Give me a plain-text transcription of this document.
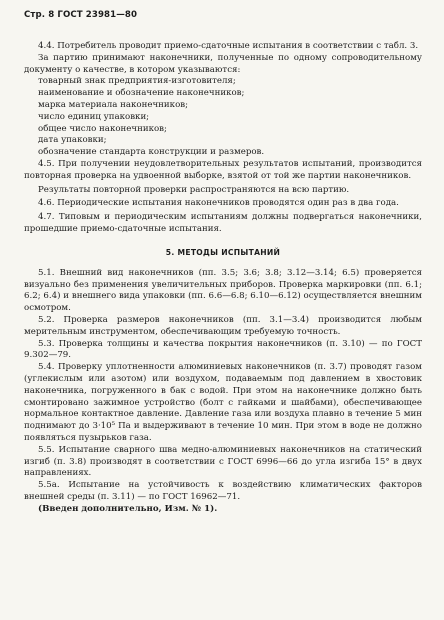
Стр. 8 ГОСТ 23981—80

4.4. Потребитель проводит приемо-сдаточные испытания в соответствии с табл. 3.

За партию принимают наконечники, полученные по одному сопроводительному документу о качестве, в котором указываются:

товарный знак предприятия-изготовителя;

наименование и обозначение наконечников;

марка материала наконечников;

число единиц упаковки;

общее число наконечников;

дата упаковки;

обозначение стандарта конструкции и размеров.

4.5. При получении неудовлетворительных результатов испытаний, производится повторная проверка на удвоенной выборке, взятой от той же партии наконечников.

Результаты повторной проверки распространяются на всю партию.

4.6. Периодические испытания наконечников проводятся один раз в два года.

4.7. Типовым и периодическим испытаниям должны подвергаться наконечники, прошедшие приемо-сдаточные испытания.

5. МЕТОДЫ ИСПЫТАНИЙ

5.1. Внешний вид наконечников (пп. 3.5; 3.6; 3.8; 3.12—3.14; 6.5) проверяется визуально без применения увеличительных приборов. Проверка маркировки (пп. 6.1; 6.2; 6.4) и внешнего вида упаковки (пп. 6.6—6.8; 6.10—6.12) осуществляется внешним осмотром.

5.2. Проверка размеров наконечников (пп. 3.1—3.4) производится любым мерительным инструментом, обеспечивающим требуемую точность.

5.3. Проверка толщины и качества покрытия наконечников (п. 3.10) — по ГОСТ 9.302—79.

5.4. Проверку уплотненности алюминиевых наконечников (п. 3.7) проводят газом (углекислым или азотом) или воздухом, подаваемым под давлением в хвостовик наконечника, погруженного в бак с водой. При этом на наконечнике должно быть смонтировано зажимное устройство (болт с гайками и шайбами), обеспечивающее нормальное контактное давление. Давление газа или воздуха плавно в течение 5 мин поднимают до 3·10⁵ Па и выдерживают в течение 10 мин. При этом в воде не должно появляться пузырьков газа.

5.5. Испытание сварного шва медно-алюминиевых наконечников на статический изгиб (п. 3.8) производят в соответствии с ГОСТ 6996—66 до угла изгиба 15° в двух направлениях.

5.5а. Испытание на устойчивость к воздействию климатических факторов внешней среды (п. 3.11) — по ГОСТ 16962—71.

(Введен дополнительно, Изм. № 1).
